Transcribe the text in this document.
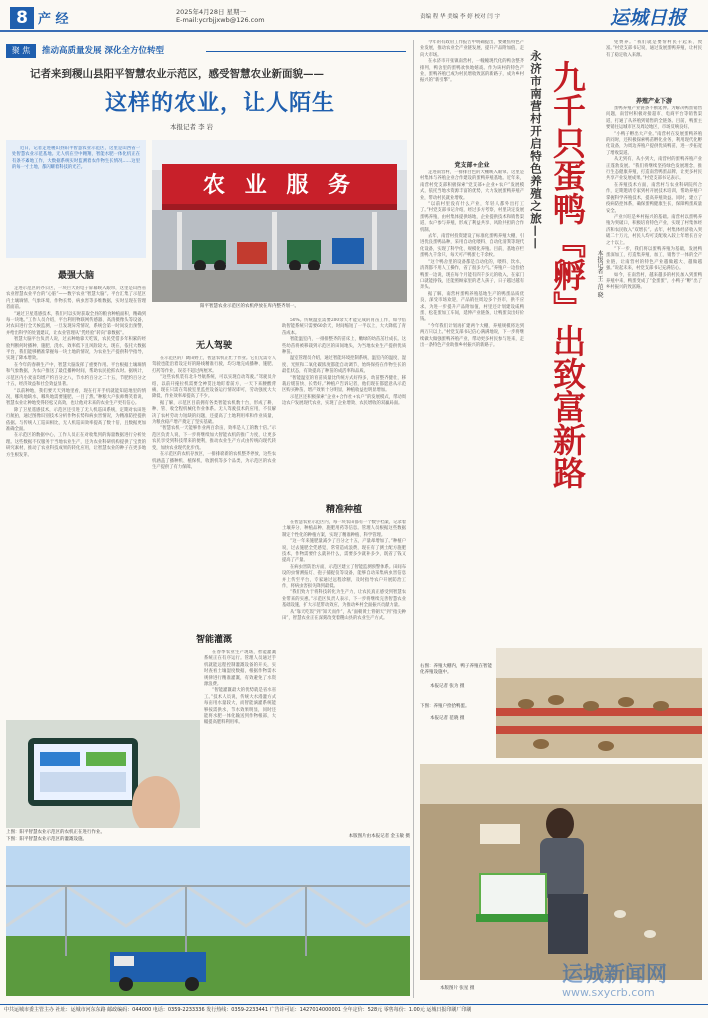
8 产 经	2025年4月28日 星期一
E-mail:ycrbjjxwb@126.com	责编 程 华 美编 李 婷 校对 闫 宇	运城日报
聚 焦	推动高质量发展 深化全方位转型
记者来到稷山县阳平智慧农业示范区，感受智慧农业新面貌——
这样的农业，让人陌生
本报记者 李 岩
近日，记者走进稷山县阳平智慧农业示范区，这里是山西省一处智慧农业示范基地。无人机在空中翱翔，智能水肥一体化机正在有条不紊地工作，大数据系统实时监测着农作物生长情况……这里的每一寸土地，都闪耀着科技的光芒。
农 业 服 务
阳平智慧农业示范区的农机停放在库内整齐划一。
最强大脑

走进示范区的办公区，一块巨大的电子屏幕映入眼帘，这里是山西省农业智慧农业平台的“心脏”——数字农业“智慧大脑”。平台汇集了示范区内土壤墒情、气象环境、作物长势、病虫害等多维数据，实时呈现在管理者面前。

“通过卫星遥感技术，我们可以实时获取全县的粮食种植面积，精确到每一块地。”工作人员介绍，平台利用物联网传感器、高清摄像头等设备，对农田进行全天候监测，一旦发现异常情况，系统会第一时间发出预警，并给出科学的处置建议，让农业管理从“凭经验”转向“靠数据”。

智慧大脑平台负责人说，过去种地靠天吃饭，农民凭借多年积累的经验判断何时播种、施肥、浇水，效率低下且风险较大。现在，依托大数据平台，我们能够精准掌握每一块土地的情况，为农业生产提供科学指导，实现了降本增效。

在今年的春耕生产中，智慧大脑发挥了重要作用。平台根据土壤墒情和气象数据，为农户推送了最佳播种时间，帮助农民抢抓农时。据统计，示范区内小麦亩均增产约百分之八，节水约百分之二十五，节肥约百分之十五，经济效益和社会效益显著。

“以前种地，我们要天天到地里看，现在打开手机就能知道地里的情况，哪块地缺水，哪块地需要施肥，一目了然。”种粮大户张师傅笑着说，智慧农业让种地变得轻松又高效，也让他对未来的农业生产更有信心。

除了卫星遥感技术，示范区还引进了无人机巡田系统，定期对农田进行航拍，通过图像识别技术分析作物长势和病虫害情况，为精准防控提供依据。与传统人工巡田相比，无人机巡田效率提高了数十倍，且数据更加准确全面。

在示范区的数据中心，工作人员正在对收集到的海量数据进行分析处理。这些数据不仅服务于当地农业生产，还为农业科研机构提供了宝贵的研究素材，推动了农业科技成果的转化应用，让智慧农业的种子在更多地方生根发芽。

无人驾驶

在示范区的广阔田野上，智慧农机正忙于作业。它们无需专人驾驶也能沿着设定好的路线精准行驶，均匀地完成播种、施肥、打药等作业，误差不超过两厘米。

“这些农机装有北斗导航系统，可以实现自动驾驶。”驾驶员介绍，以前开拖拉机需要全神贯注地盯着前方，一天下来腰酸背痛，现在只需在驾驶室里监控设备运行情况即可，劳动强度大大降低，作业效率却提高了不少。

据了解，示范区目前拥有各类智能农机数十台，形成了耕、种、管、收全程机械化作业体系。无人驾驶技术的应用，不仅解决了农村劳动力短缺的问题，还提高了土地利用率和作业质量，为粮食稳产增产奠定了坚实基础。

“智慧农机一天能够作业两百余亩，效率是人工的数十倍。”示范区负责人说，下一步将继续加大智能农机的推广力度，让更多农民享受到科技带来的便利，推动农业生产方式由传统向现代转变，加快农业现代化步伐。

在示范区的农机存放区，一排排崭新的农机整齐停放，这些农机涵盖了播种机、植保机、收割机等多个品类，为示范区的农业生产提供了有力保障。

智能灌溉

在春季农业生产现场，智能灌溉系统正在有序运行。管理人员通过手机就能远程控制灌溉设备的开关，实时查看土壤湿度数据，根据作物需水规律进行精准灌溉，有效避免了水资源浪费。

“智能灌溉最大的优势就是省水省工。”技术人员说，传统大水漫灌方式每亩用水量较大，而智能滴灌系统能够按需供水，节水效果明显，同时还能将水肥一体化输送到作物根部，大幅提高肥料利用率。

上图：阳平智慧农业示范区的农机正在进行作业。
下图：阳平智慧农业示范区的灌溉设施。
本版图片由本报记者 金玉敏 摄

50%。传统温室需要200余天才能完成的育苗工作，如今借助智能系统只需要60余天，时间缩短了一半以上，大大降低了育苗成本。

智能温室内，一排排整齐的苗床上，嫩绿的幼苗茁壮成长。这些幼苗将被移栽到示范区的田间地头，为当地农业生产提供优质种苗。

温室管理员介绍，通过智能环境控制系统，温室内的温度、湿度、光照和二氧化碳浓度都能自动调节，始终保持在作物生长的最佳状态，有效提高了种苗的成活率和品质。

“智能温室的育苗质量比传统方式好得多，幼苗整齐健壮，移栽后缓苗快、长势好。”种植户告诉记者，他们现在都愿意从示范区购买种苗，增产效果十分明显，种植收益也明显增加。

示范区还积极探索“企业+合作社+农户”的发展模式，带动周边农户发展现代农业，实现了企业增效、农民增收的双赢局面。

精准种植

在智慧农业示范区内，每一块农田都有一个数字档案，记录着土壤养分、种植品种、施肥用药等信息。管理人员根据这些数据制定个性化的种植方案，实现了精准种植、科学管理。

“这一年来施肥量减少了百分之十五，产量却增加了。”种植户说，过去施肥全凭感觉，常常造成浪费，现在有了测土配方施肥技术，作物需要什么就补什么，需要多少就补多少，既省了钱又提高了产量。

在病虫害防治方面，示范区建立了智能监测预警体系。田间布设的虫情测报灯、孢子捕捉仪等设备，能够自动采集病虫害信息并上传至平台，专家通过远程诊断，及时指导农户开展防治工作，将病虫害损失降到最低。

“我们致力于将科技转化为生产力，让农民真正感受到智慧农业带来的实惠。”示范区负责人表示，下一步将继续完善智慧农业基础设施，扩大示范带动效应，为推动乡村全面振兴贡献力量。

从“靠天吃饭”到“知天而作”，从“面朝黄土背朝天”到“指尖种田”，智慧农业正在深刻改变着稷山县的农业生产方式。

今年的有政府工作报告中明确提出，要聚焦特色产业发展，推动农业全产业链发展，提升产品附加值，走向大市场。

在永济市开张镇南营村，一幢幢现代化的鸭舍整齐排列，鸭舍里的蛋鸭欢快地嬉戏。作为该村的特色产业，蛋鸭养殖已成为村民增收致富的新路子，成为乡村振兴的“新引擎”。

党支部+企业

走进南营村，一排排白色的大棚映入眼帘。这里是村集体与养殖企业合作建设的蛋鸭养殖基地。近年来，南营村党支部积极探索“党支部+企业+农户”发展模式，依托当地水资源丰富的优势，大力发展蛋鸭养殖产业，带动村民就业增收。

“以前村里没有什么产业，年轻人都外出打工了。”村党支部书记介绍，经过多方考察，村里决定发展蛋鸭养殖，由村集体提供场地，企业提供技术和销售渠道，农户参与养殖，形成了利益共享、风险共担的合作机制。

去年，南营村投资建设了标准化蛋鸭养殖大棚，引进优良蛋鸭品种，采用自动化喂料、自动化清粪等现代化设备，实现了科学化、规模化养殖。目前，基地存栏蛋鸭九千余只，每天可产鸭蛋七千余枚。

“这个鸭舍里的设备都是自动化的，喂料、饮水、清粪都不用人工操作，省了很多力气。”养殖户一边捡拾鸭蛋一边说，现在每个月能有四千多元的收入，在家门口就能挣钱，还能照顾家里的老人孩子，日子越过越有奔头。

据了解，南营村蛋鸭养殖基地生产的鸭蛋品质优良，深受市场欢迎，产品销往周边多个县市，供不应求。为进一步提升产品附加值，村里还计划建设咸鸭蛋、松花蛋加工车间，延伸产业链条，让鸭蛋卖出好价钱。

“今年我们计划再扩建两个大棚，养殖规模将达到两万只以上。”村党支部书记信心满满地说，下一步将继续做大做强蛋鸭养殖产业，带动更多村民参与进来，走出一条特色产业助推乡村振兴的新路子。

养殖产业下游
永济市南营村开启特色养殖之旅—— 九千只蛋鸭『孵』出致富新路	本报记者 王 范 晓

免费养。“我们就是要帮村民干起来、致富。”村党支部书记说，通过发展蛋鸭养殖，让村民有了稳定收入来源。

蛋鸭养殖产业链条不断延伸。为解决鸭蛋销售问题，南营村积极对接超市、电商平台等销售渠道，打通了从养殖到销售的全链条。目前，鸭蛋主要销往运城市区及周边地区，市场反响良好。

“小鸭子孵出大产业。”南营村在发展蛋鸭养殖的同时，还积极探索鸭苗孵化业务，利用现代化孵化设备，为周边养殖户提供优质鸭苗，进一步拓宽了增收渠道。

从无到有、从小到大，南营村的蛋鸭养殖产业正蓬勃发展。“我们将继续坚持绿色发展理念，推行生态健康养殖，打造南营鸭蛋品牌，让更多村民共享产业发展成果。”村党支部书记表示。

在养殖技术方面，南营村与农业科研院所合作，定期邀请专家到村开展技术培训，帮助养殖户掌握科学养殖技术，提高养殖效益。同时，建立了疫病防控体系，确保蛋鸭健康生长，保障鸭蛋质量安全。

产业兴旺是乡村振兴的基础。南营村以蛋鸭养殖为突破口，积极培育特色产业，实现了村集体经济和农民收入“双增长”。去年，村集体经济收入突破二十万元，村民人均可支配收入较上年增长百分之十以上。

“下一步，我们将以蛋鸭养殖为基础，发展鸭蛋深加工，打造集养殖、加工、销售于一体的全产业链，让南营村的特色产业越做越大、越做越强。”说起未来，村党支部书记充满信心。

如今，在南营村，越来越多的村民加入到蛋鸭养殖中来，鸭蛋变成了“金蛋蛋”，小鸭子“孵”出了乡村振兴的致富路。

右图：养殖大棚内，鸭子养殖在智能化养殖设施中。
本报记者 张为 摄
下图：养殖户捡拾鸭蛋。
本报记者 范晓 摄
本版图片 张星 摄
运城新闻网
www.sxycrb.com
中共运城市委主管主办 社址：运城市河东东路 邮政编码：044000 电话：0359-2233336 发行热线：0359-2233441 广告许可证：1427014000001 全年定价：528元 零售每份：1.00元 运城日报印刷厂印刷
